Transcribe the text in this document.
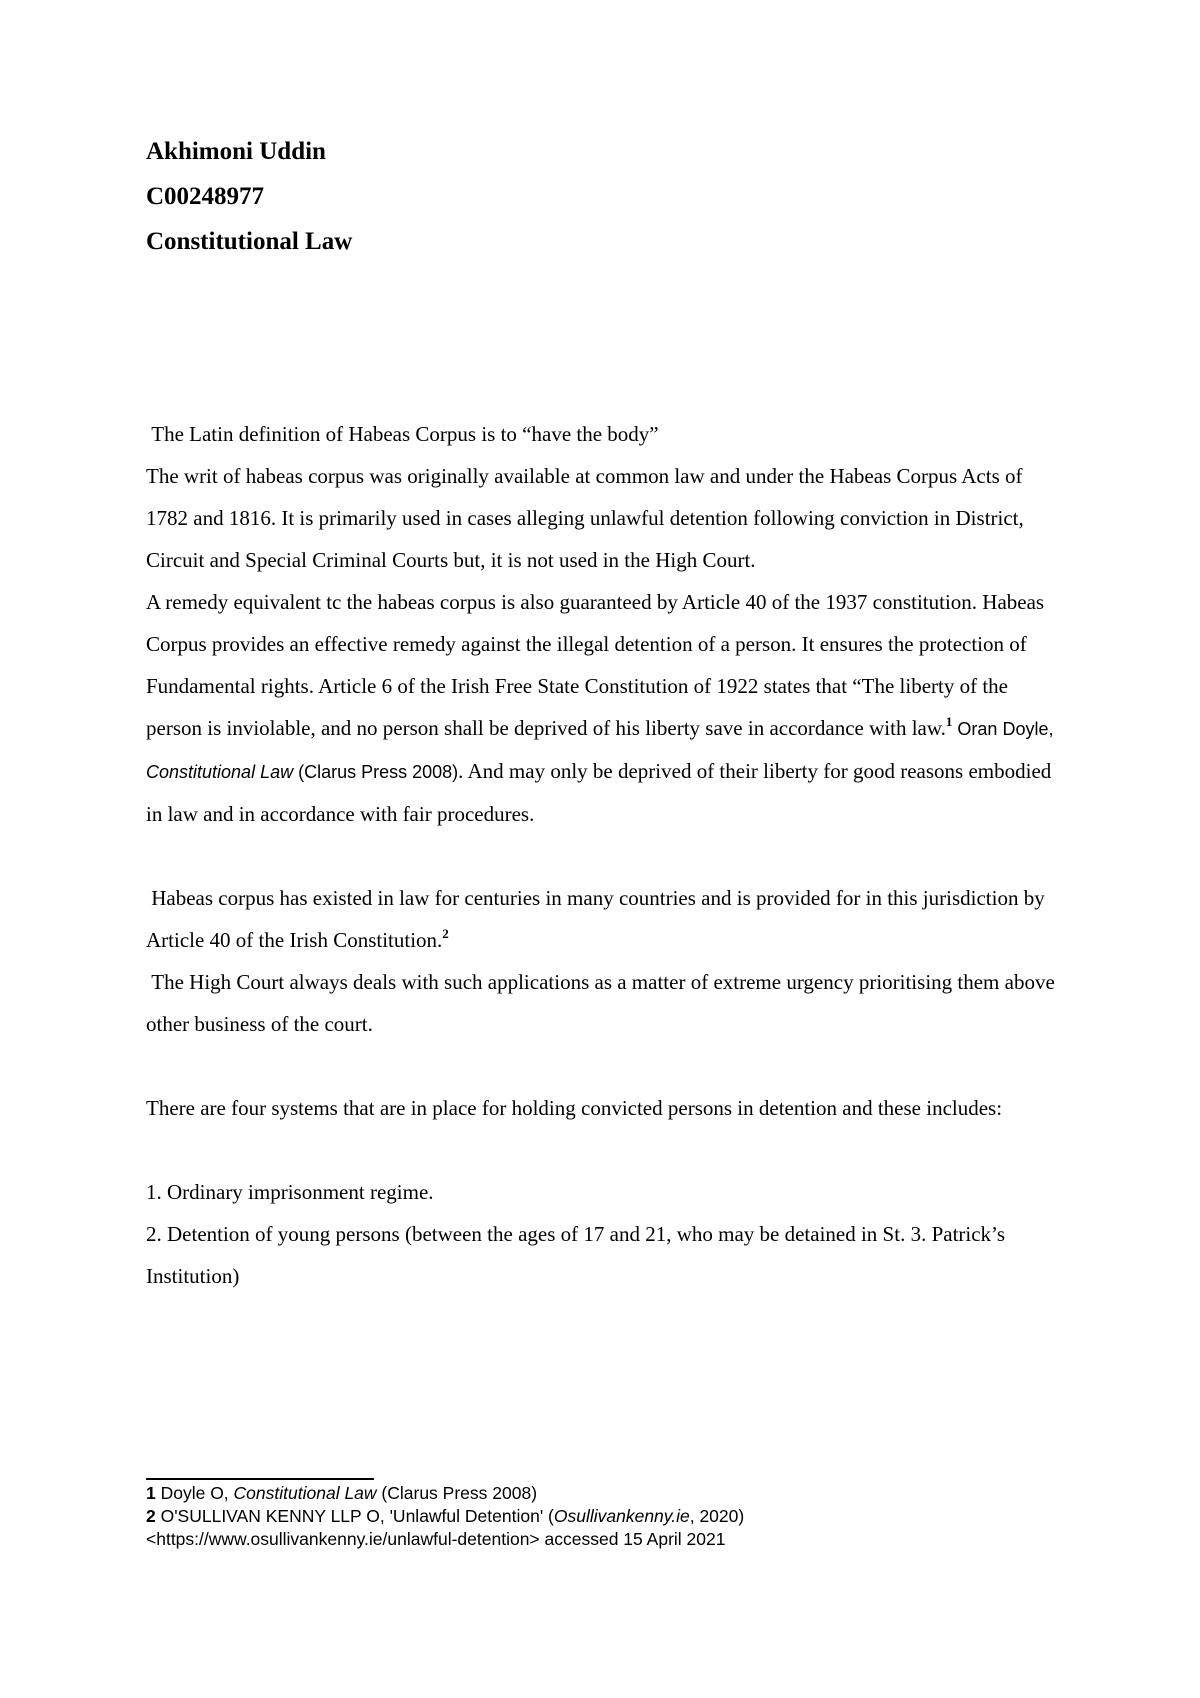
Akhimoni Uddin
C00248977
Constitutional Law

The Latin definition of Habeas Corpus is to “have the body”

The writ of habeas corpus was originally available at common law and under the Habeas Corpus Acts of 1782 and 1816. It is primarily used in cases alleging unlawful detention following conviction in District, Circuit and Special Criminal Courts but, it is not used in the High Court.

A remedy equivalent tc the habeas corpus is also guaranteed by Article 40 of the 1937 constitution. Habeas Corpus provides an effective remedy against the illegal detention of a person. It ensures the protection of Fundamental rights. Article 6 of the Irish Free State Constitution of 1922 states that “The liberty of the person is inviolable, and no person shall be deprived of his liberty save in accordance with law.$^1$ Oran Doyle, Constitutional Law (Clarus Press 2008). And may only be deprived of their liberty for good reasons embodied in law and in accordance with fair procedures.

Habeas corpus has existed in law for centuries in many countries and is provided for in this jurisdiction by Article 40 of the Irish Constitution.$^2$

The High Court always deals with such applications as a matter of extreme urgency prioritising them above other business of the court.

There are four systems that are in place for holding convicted persons in detention and these includes:

1. Ordinary imprisonment regime.

2. Detention of young persons (between the ages of 17 and 21, who may be detained in St. 3. Patrick’s Institution)

1 Doyle O, Constitutional Law (Clarus Press 2008)

2 O'SULLIVAN KENNY LLP O, 'Unlawful Detention' (Osullivankenny.ie, 2020)

<https://www.osullivankenny.ie/unlawful-detention> accessed 15 April 2021
